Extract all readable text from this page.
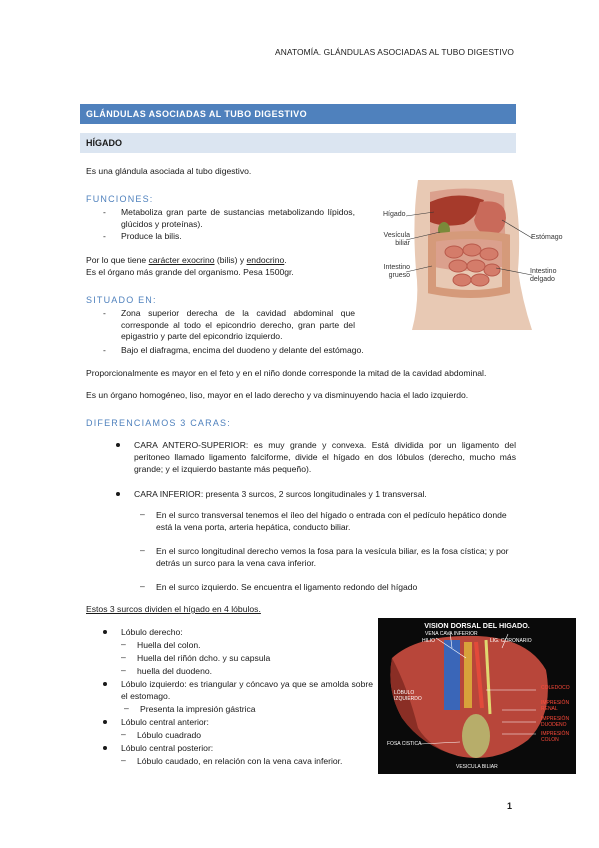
ANATOMÍA. GLÁNDULAS ASOCIADAS AL TUBO DIGESTIVO
GLÁNDULAS ASOCIADAS AL TUBO DIGESTIVO
HÍGADO
Es una glándula asociada al tubo digestivo.
FUNCIONES:
- Metaboliza gran parte de sustancias metabolizando lípidos, glúcidos y proteínas).
- Produce la bilis.
Por lo que tiene carácter exocrino (bilis) y endocrino.
Es el órgano más grande del organismo. Pesa 1500gr.
SITUADO EN:
- Zona superior derecha de la cavidad abdominal que corresponde al todo el epicondrio derecho, gran parte del epigastrio y parte del epicondrio izquierdo.
- Bajo el diafragma, encima del duodeno y delante del estómago.
Proporcionalmente es mayor en el feto y en el niño donde corresponde la mitad de la cavidad abdominal.
Es un órgano homogéneo, liso, mayor en el lado derecho y va disminuyendo hacia el lado izquierdo.
DIFERENCIAMOS 3 CARAS:
CARA ANTERO-SUPERIOR: es muy grande y convexa. Está dividida por un ligamento del peritoneo llamado ligamento falciforme, divide el hígado en dos lóbulos (derecho, mucho más grande; y el izquierdo bastante más pequeño).
CARA INFERIOR: presenta 3 surcos, 2 surcos longitudinales y 1 transversal.
– En el surco transversal tenemos el íleo del hígado o entrada con el pedículo hepático donde está la vena porta, arteria hepática, conducto biliar.
– En el surco longitudinal derecho vemos la fosa para la vesícula biliar, es la fosa cística; y por detrás un surco para la vena cava inferior.
– En el surco izquierdo. Se encuentra el ligamento redondo del hígado
Estos 3 surcos dividen el hígado en 4 lóbulos.
Lóbulo derecho:
– Huella del colon.
– Huella del riñón dcho. y su capsula
– huella del duodeno.
Lóbulo izquierdo: es triangular y cóncavo ya que se amolda sobre el estomago.
– Presenta la impresión gástrica
Lóbulo central anterior:
– Lóbulo cuadrado
Lóbulo central posterior:
– Lóbulo caudado, en relación con la vena cava inferior.
Hígado
Vesícula biliar
Intestino grueso
Estómago
Intestino delgado
VISION DORSAL DEL HIGADO.
VENA CAVA INFERIOR
HILIO	LIG. CORONARIO
LÓBULO IZQUIERDO
COLEDOCO
IMPRESIÓN RENAL
IMPRESIÓN DUODENO
IMPRESIÓN COLON
FOSA CISTICA
VESICULA BILIAR
1
